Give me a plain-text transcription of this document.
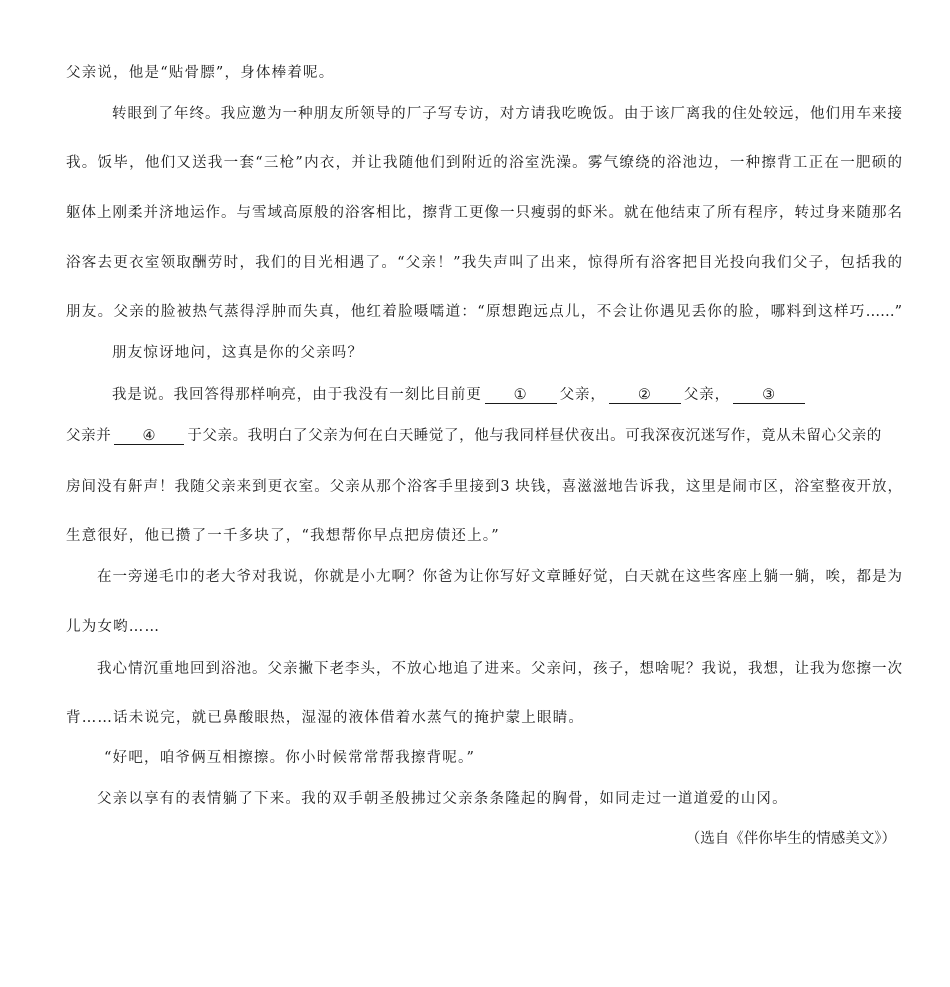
父亲说，他是“贴骨膘”，身体棒着呢。
转眼到了年终。我应邀为一种朋友所领导的厂子写专访，对方请我吃晚饭。由于该厂离我的住处较远，他们用车来接
我。饭毕，他们又送我一套“三枪”内衣，并让我随他们到附近的浴室洗澡。雾气缭绕的浴池边，一种擦背工正在一肥硕的
躯体上刚柔并济地运作。与雪域高原般的浴客相比，擦背工更像一只瘦弱的虾米。就在他结束了所有程序，转过身来随那名
浴客去更衣室领取酬劳时，我们的目光相遇了。“父亲！”我失声叫了出来，惊得所有浴客把目光投向我们父子，包括我的
朋友。父亲的脸被热气蒸得浮肿而失真，他红着脸嗫嚅道：“原想跑远点儿，不会让你遇见丢你的脸，哪料到这样巧……”
朋友惊讶地问，这真是你的父亲吗？
我是说。我回答得那样响亮，由于我没有一刻比目前更 ① 父亲， ② 父亲， ③
父亲并 ④ 于父亲。我明白了父亲为何在白天睡觉了，他与我同样昼伏夜出。可我深夜沉迷写作，竟从未留心父亲的
房间没有鼾声！我随父亲来到更衣室。父亲从那个浴客手里接到3 块钱，喜滋滋地告诉我，这里是闹市区，浴室整夜开放，
生意很好，他已攒了一千多块了，“我想帮你早点把房债还上。”
在一旁递毛巾的老大爷对我说，你就是小尢啊？你爸为让你写好文章睡好觉，白天就在这些客座上躺一躺，唉，都是为
儿为女哟……
我心情沉重地回到浴池。父亲撇下老李头，不放心地追了进来。父亲问，孩子，想啥呢？我说，我想，让我为您擦一次
背……话未说完，就已鼻酸眼热，湿湿的液体借着水蒸气的掩护蒙上眼睛。
“好吧，咱爷俩互相擦擦。你小时候常常帮我擦背呢。”
父亲以享有的表情躺了下来。我的双手朝圣般拂过父亲条条隆起的胸骨，如同走过一道道爱的山冈。
（选自《伴你毕生的情感美文》）
